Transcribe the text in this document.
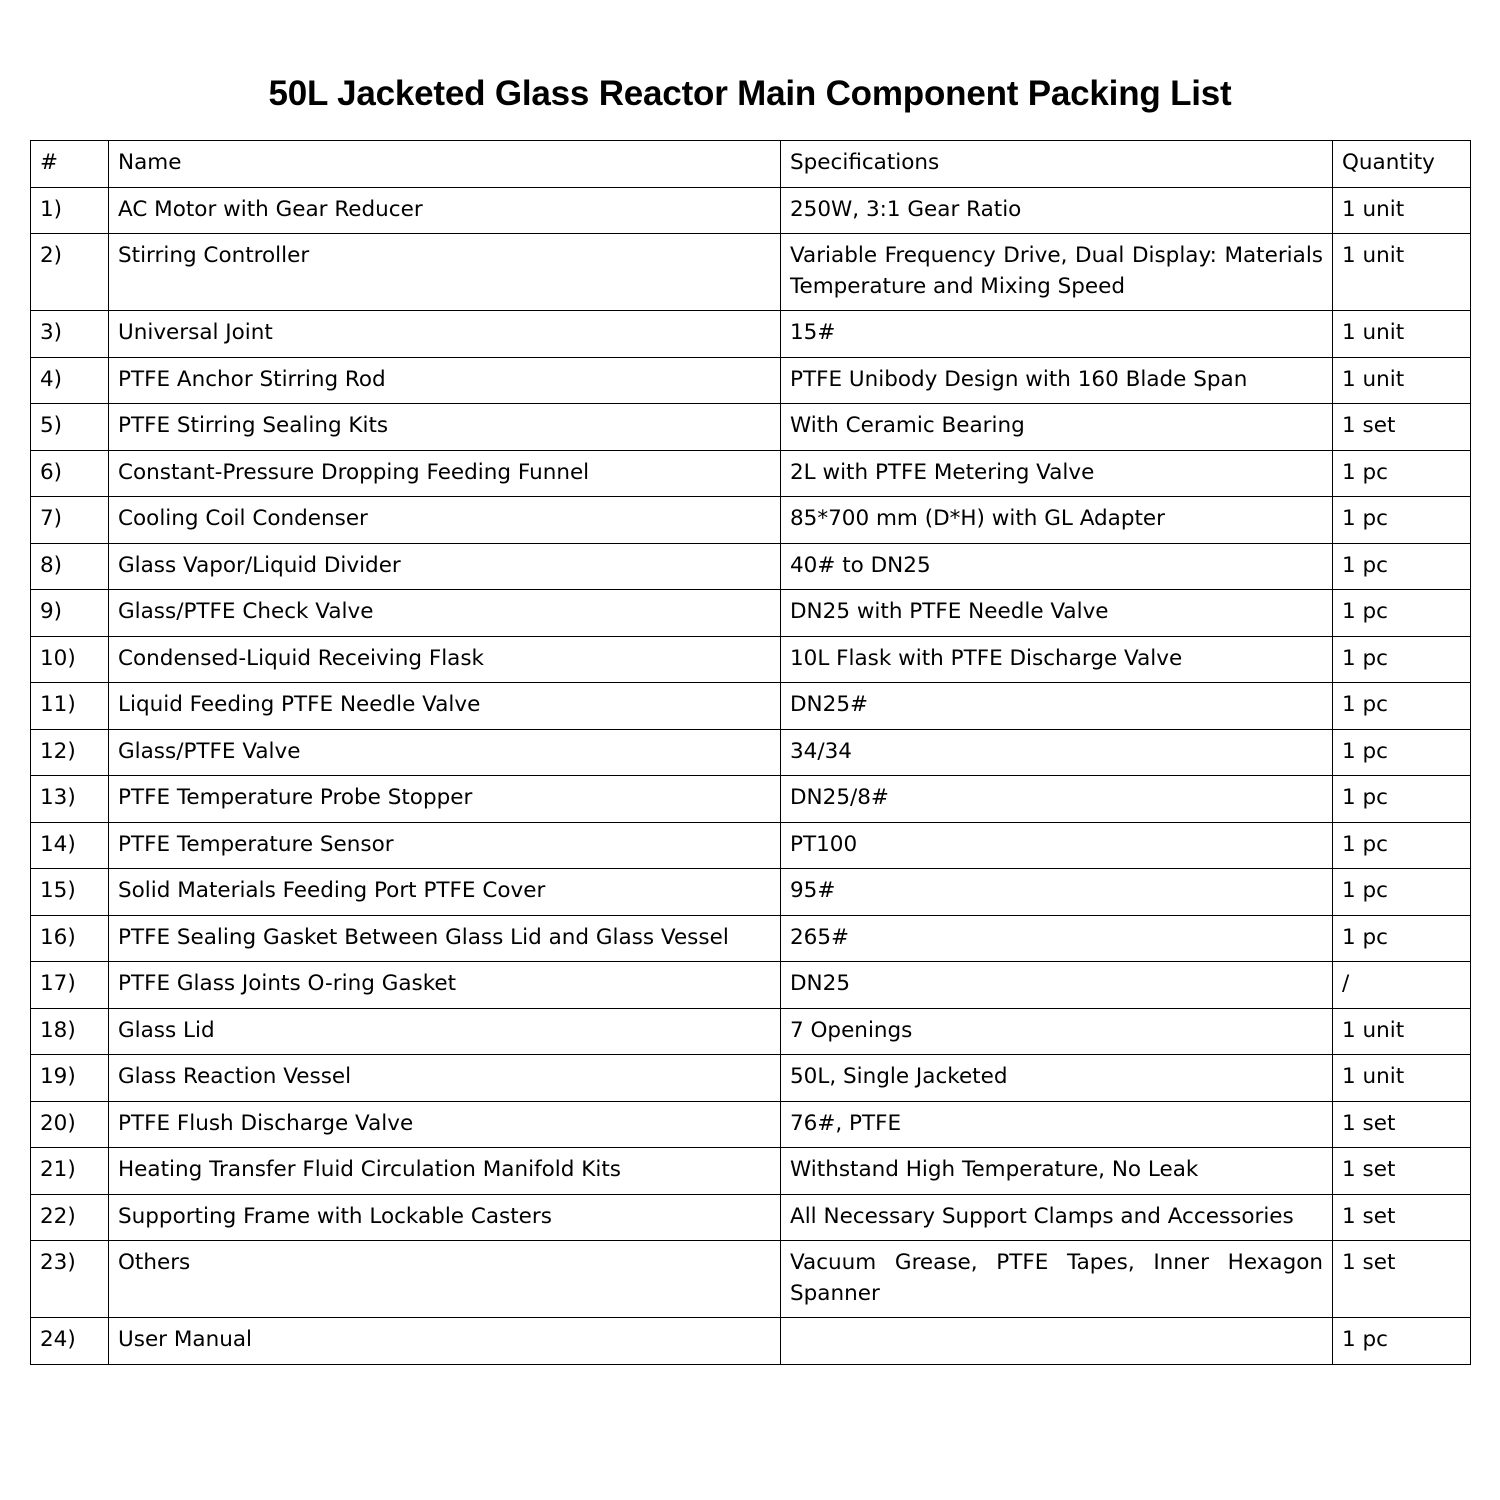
50L Jacketed Glass Reactor Main Component Packing List
#	Name	Specifications	Quantity
1)	AC Motor with Gear Reducer	250W, 3:1 Gear Ratio	1 unit
2)	Stirring Controller	Variable Frequency Drive, Dual Display: Materials Temperature and Mixing Speed	1 unit
3)	Universal Joint	15#	1 unit
4)	PTFE Anchor Stirring Rod	PTFE Unibody Design with 160 Blade Span	1 unit
5)	PTFE Stirring Sealing Kits	With Ceramic Bearing	1 set
6)	Constant-Pressure Dropping Feeding Funnel	2L with PTFE Metering Valve	1 pc
7)	Cooling Coil Condenser	85*700 mm (D*H) with GL Adapter	1 pc
8)	Glass Vapor/Liquid Divider	40# to DN25	1 pc
9)	Glass/PTFE Check Valve	DN25 with PTFE Needle Valve	1 pc
10)	Condensed-Liquid Receiving Flask	10L Flask with PTFE Discharge Valve	1 pc
11)	Liquid Feeding PTFE Needle Valve	DN25#	1 pc
12)	Glass/PTFE Valve	34/34	1 pc
13)	PTFE Temperature Probe Stopper	DN25/8#	1 pc
14)	PTFE Temperature Sensor	PT100	1 pc
15)	Solid Materials Feeding Port PTFE Cover	95#	1 pc
16)	PTFE Sealing Gasket Between Glass Lid and Glass Vessel	265#	1 pc
17)	PTFE Glass Joints O-ring Gasket	DN25	/
18)	Glass Lid	7 Openings	1 unit
19)	Glass Reaction Vessel	50L, Single Jacketed	1 unit
20)	PTFE Flush Discharge Valve	76#, PTFE	1 set
21)	Heating Transfer Fluid Circulation Manifold Kits	Withstand High Temperature, No Leak	1 set
22)	Supporting Frame with Lockable Casters	All Necessary Support Clamps and Accessories	1 set
23)	Others	Vacuum Grease, PTFE Tapes, Inner Hexagon Spanner	1 set
24)	User Manual		1 pc
